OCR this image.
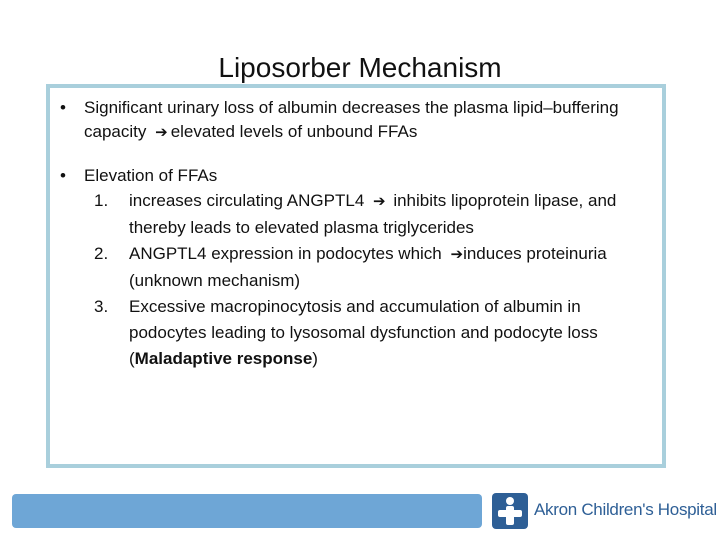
Liposorber Mechanism
• Significant urinary loss of albumin decreases the plasma lipid–buffering capacity ➔ elevated levels of unbound FFAs
• Elevation of FFAs
1. increases circulating ANGPTL4 ➔ inhibits lipoprotein lipase, and thereby leads to elevated plasma triglycerides
2. ANGPTL4 expression in podocytes which ➔induces proteinuria (unknown mechanism)
3. Excessive macropinocytosis and accumulation of albumin in podocytes leading to lysosomal dysfunction and podocyte loss (Maladaptive response)
Akron Children's Hospital
